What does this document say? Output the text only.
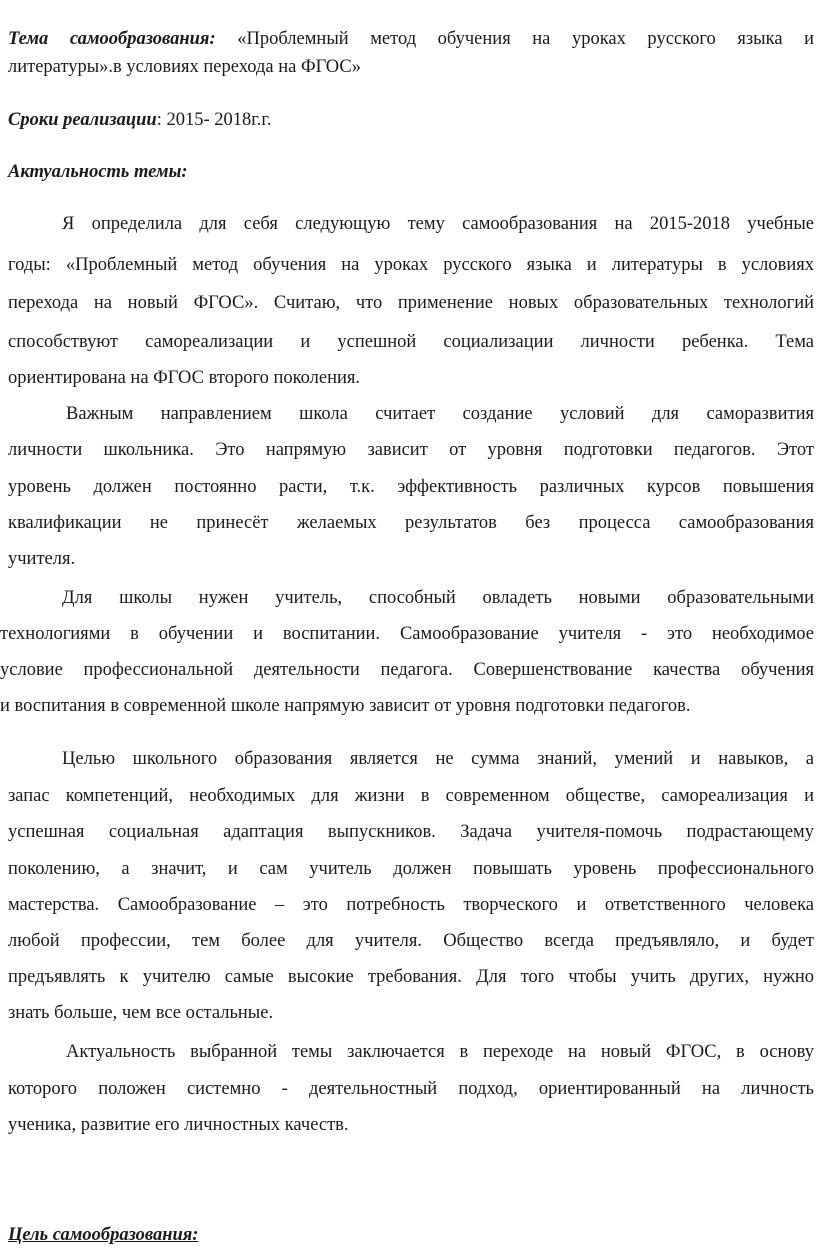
Тема самообразования: «Проблемный метод обучения на уроках русского языка и
литературы».в условиях перехода на ФГОС»
Сроки реализации: 2015- 2018г.г.
Актуальность темы:
Я определила для себя следующую тему самообразования на 2015-2018 учебные
годы: «Проблемный метод обучения на уроках русского языка и литературы в условиях
перехода на новый ФГОС». Считаю, что применение новых образовательных технологий
способствуют самореализации и успешной социализации личности ребенка. Тема
ориентирована на ФГОС второго поколения.
Важным направлением школа считает создание условий для саморазвития
личности школьника. Это напрямую зависит от уровня подготовки педагогов. Этот
уровень должен постоянно расти, т.к. эффективность различных курсов повышения
квалификации не принесёт желаемых результатов без процесса самообразования
учителя.
Для школы нужен учитель, способный овладеть новыми образовательными
технологиями в обучении и воспитании. Самообразование учителя - это необходимое
условие профессиональной деятельности педагога. Совершенствование качества обучения
и воспитания в современной школе напрямую зависит от уровня подготовки педагогов.
Целью школьного образования является не сумма знаний, умений и навыков, а
запас компетенций, необходимых для жизни в современном обществе, самореализация и
успешная социальная адаптация выпускников. Задача учителя-помочь подрастающему
поколению, а значит, и сам учитель должен повышать уровень профессионального
мастерства. Самообразование – это потребность творческого и ответственного человека
любой профессии, тем более для учителя. Общество всегда предъявляло, и будет
предъявлять к учителю самые высокие требования. Для того чтобы учить других, нужно
знать больше, чем все остальные.
Актуальность выбранной темы заключается в переходе на новый ФГОС, в основу
которого положен системно - деятельностный подход, ориентированный на личность
ученика, развитие его личностных качеств.
Цель самообразования:
